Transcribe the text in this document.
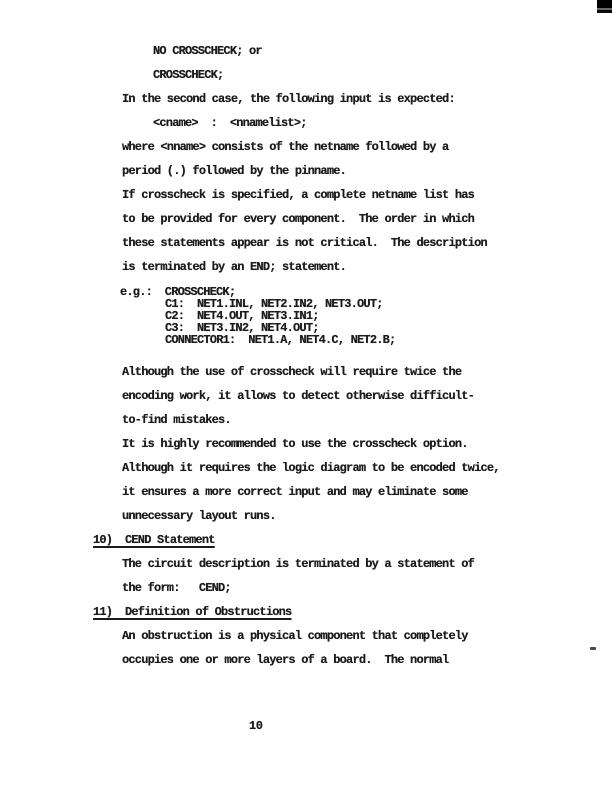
NO CROSSCHECK; or
CROSSCHECK;
In the second case, the following input is expected:
<cname>  :  <nnamelist>;
where <nname> consists of the netname followed by a
period (.) followed by the pinname.
If crosscheck is specified, a complete netname list has
to be provided for every component.  The order in which
these statements appear is not critical.  The description
is terminated by an END; statement.
e.g.:  CROSSCHECK;
C1:  NET1.INL, NET2.IN2, NET3.OUT;
C2:  NET4.OUT, NET3.IN1;
C3:  NET3.IN2, NET4.OUT;
CONNECTOR1:  NET1.A, NET4.C, NET2.B;
Although the use of crosscheck will require twice the
encoding work, it allows to detect otherwise difficult-
to-find mistakes.
It is highly recommended to use the crosscheck option.
Although it requires the logic diagram to be encoded twice,
it ensures a more correct input and may eliminate some
unnecessary layout runs.
10)  CEND Statement
The circuit description is terminated by a statement of
the form:   CEND;
11)  Definition of Obstructions
An obstruction is a physical component that completely
occupies one or more layers of a board.  The normal
10
